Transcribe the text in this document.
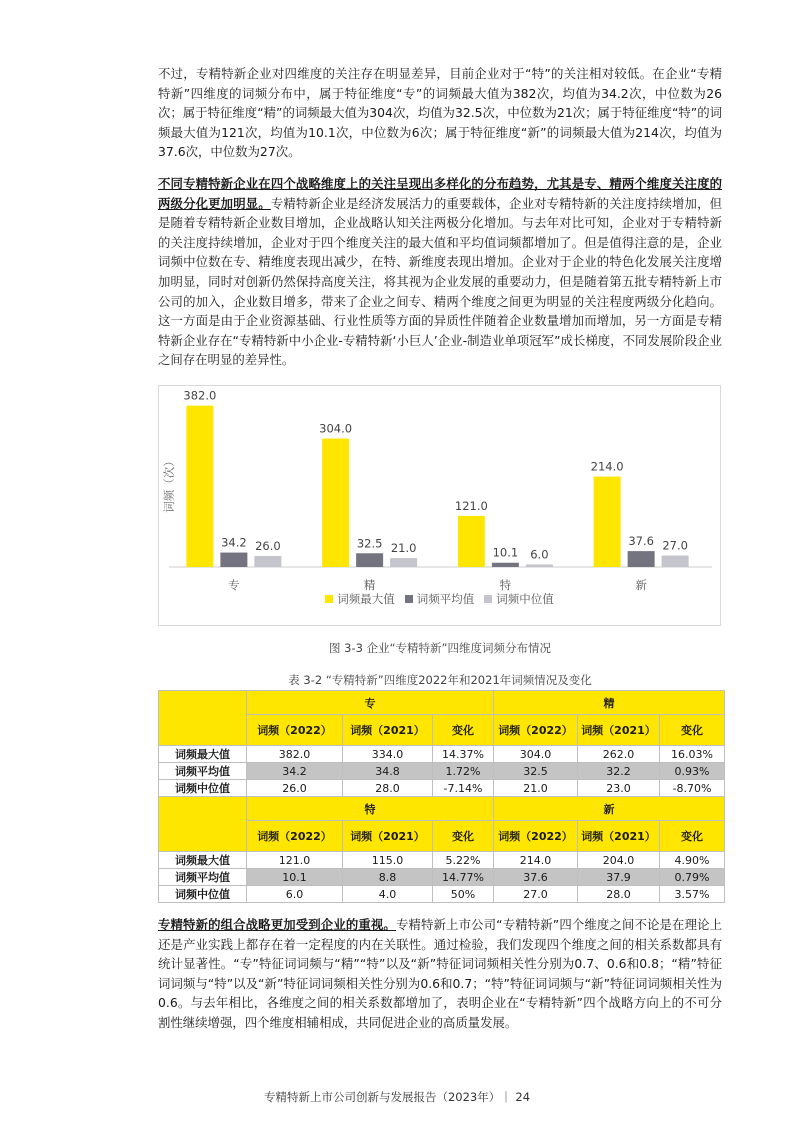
不过，专精特新企业对四维度的关注存在明显差异，目前企业对于“特”的关注相对较低。在企业“专精特新”四维度的词频分布中，属于特征维度“专”的词频最大值为382次，均值为34.2次，中位数为26次；属于特征维度“精”的词频最大值为304次，均值为32.5次，中位数为21次；属于特征维度“特”的词频最大值为121次，均值为10.1次，中位数为6次；属于特征维度“新”的词频最大值为214次，均值为37.6次，中位数为27次。

不同专精特新企业在四个战略维度上的关注呈现出多样化的分布趋势，尤其是专、精两个维度关注度的两级分化更加明显。专精特新企业是经济发展活力的重要载体，企业对专精特新的关注度持续增加，但是随着专精特新企业数目增加，企业战略认知关注两极分化增加。与去年对比可知，企业对于专精特新的关注度持续增加，企业对于四个维度关注的最大值和平均值词频都增加了。但是值得注意的是，企业词频中位数在专、精维度表现出减少，在特、新维度表现出增加。企业对于企业的特色化发展关注度增加明显，同时对创新仍然保持高度关注，将其视为企业发展的重要动力，但是随着第五批专精特新上市公司的加入，企业数目增多，带来了企业之间专、精两个维度之间更为明显的关注程度两级分化趋向。这一方面是由于企业资源基础、行业性质等方面的异质性伴随着企业数量增加而增加，另一方面是专精特新企业存在“专精特新中小企业-专精特新‘小巨人’企业-制造业单项冠军”成长梯度，不同发展阶段企业之间存在明显的差异性。

词频（次）
382.0
34.2 26.0
专
304.0
32.5 21.0
精
121.0
10.1 6.0
特
214.0
37.6 27.0
新
词频最大值 词频平均值 词频中位值
图 3-3 企业“专精特新”四维度词频分布情况
表 3-2 “专精特新”四维度2022年和2021年词频情况及变化
	专			精		
	词频（2022）	词频（2021）	变化	词频（2022）	词频（2021）	变化
词频最大值	382.0	334.0	14.37%	304.0	262.0	16.03%
词频平均值	34.2	34.8	1.72%	32.5	32.2	0.93%
词频中位值	26.0	28.0	-7.14%	21.0	23.0	-8.70%
	特			新		
	词频（2022）	词频（2021）	变化	词频（2022）	词频（2021）	变化
词频最大值	121.0	115.0	5.22%	214.0	204.0	4.90%
词频平均值	10.1	8.8	14.77%	37.6	37.9	0.79%
词频中位值	6.0	4.0	50%	27.0	28.0	3.57%

专精特新的组合战略更加受到企业的重视。专精特新上市公司“专精特新”四个维度之间不论是在理论上还是产业实践上都存在着一定程度的内在关联性。通过检验，我们发现四个维度之间的相关系数都具有统计显著性。“专”特征词词频与“精”“特”以及“新”特征词词频相关性分别为0.7、0.6和0.8；“精”特征词词频与“特”以及“新”特征词词频相关性分别为0.6和0.7；“特”特征词词频与“新”特征词词频相关性为0.6。与去年相比，各维度之间的相关系数都增加了，表明企业在“专精特新”四个战略方向上的不可分割性继续增强，四个维度相辅相成，共同促进企业的高质量发展。

专精特新上市公司创新与发展报告（2023年）｜ 24
